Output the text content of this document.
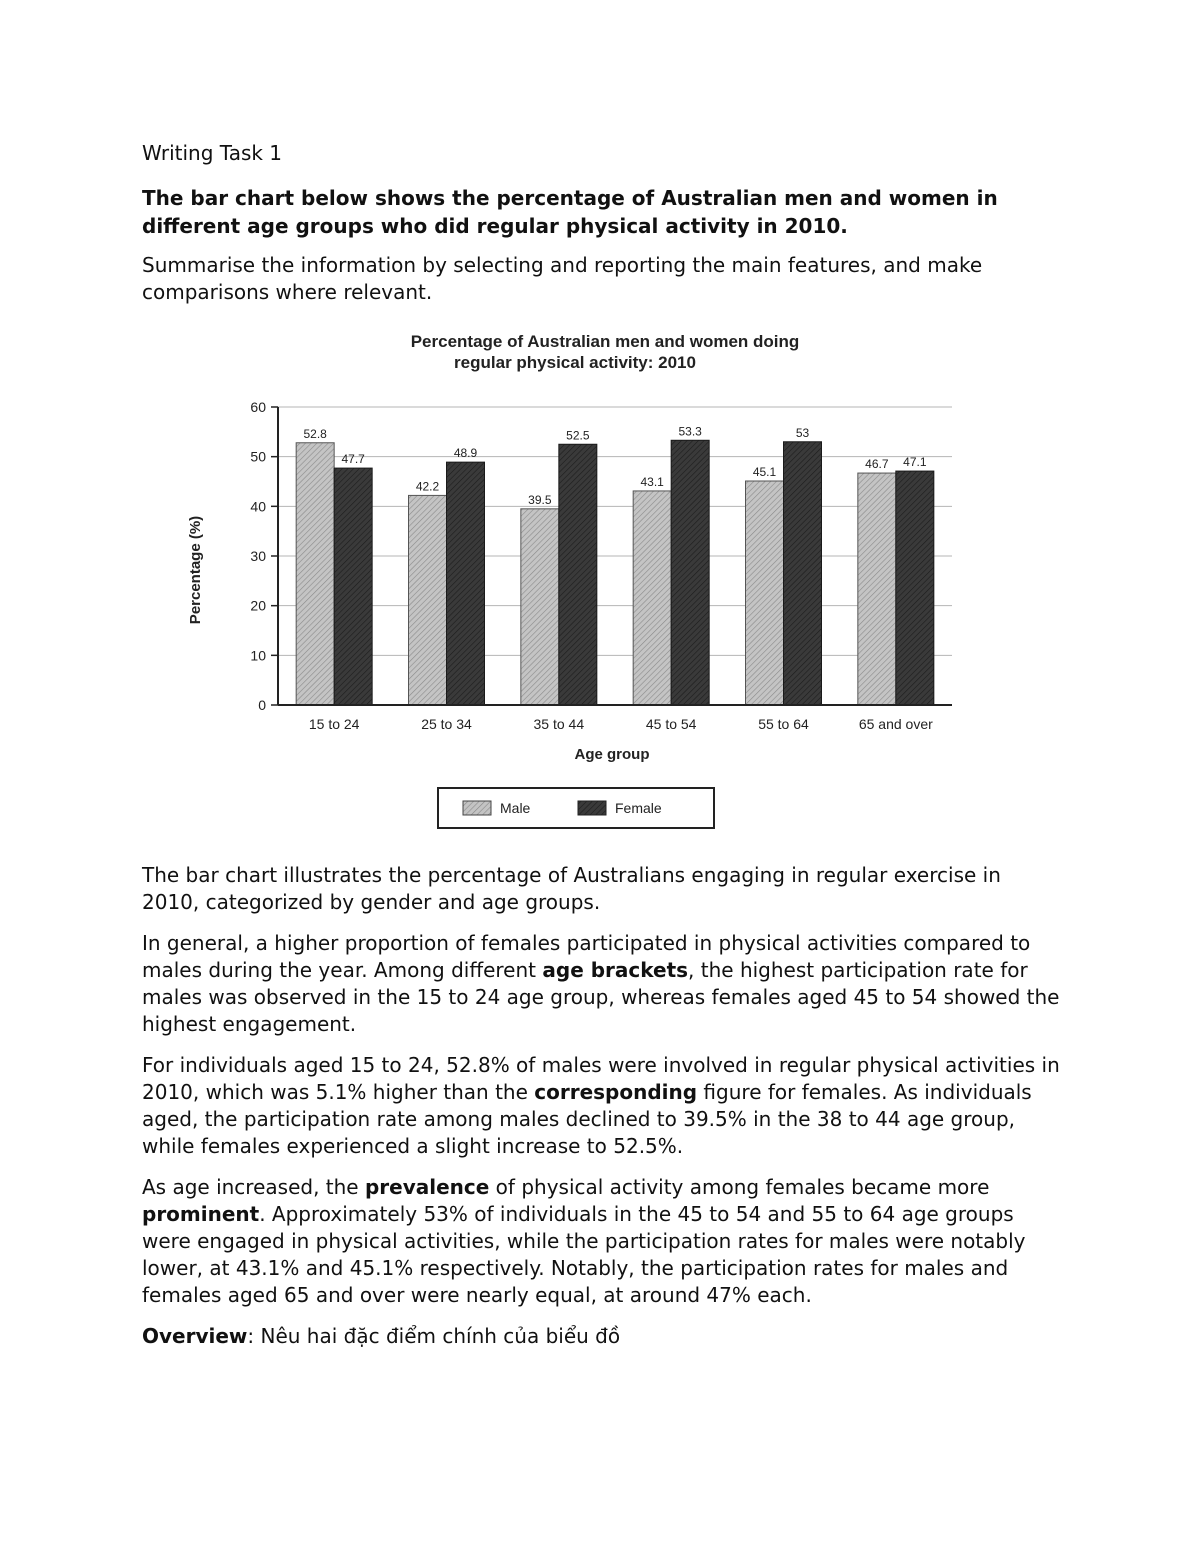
Writing Task 1
The bar chart below shows the percentage of Australian men and women in different age groups who did regular physical activity in 2010.
Summarise the information by selecting and reporting the main features, and make comparisons where relevant.
Percentage of Australian men and women doing
regular physical activity: 2010
52.8
47.7
42.2
48.9
39.5
52.5
43.1
53.3
45.1
53
46.7 47.1
0
10
20
30
40
50
60
15 to 24	25 to 34	35 to 44	45 to 54	55 to 64	65 and over
Percentage (%)
Age group
Male	Female

The bar chart illustrates the percentage of Australians engaging in regular exercise in 2010, categorized by gender and age groups.

In general, a higher proportion of females participated in physical activities compared to males during the year. Among different age brackets, the highest participation rate for males was observed in the 15 to 24 age group, whereas females aged 45 to 54 showed the highest engagement.

For individuals aged 15 to 24, 52.8% of males were involved in regular physical activities in 2010, which was 5.1% higher than the corresponding figure for females. As individuals aged, the participation rate among males declined to 39.5% in the 38 to 44 age group, while females experienced a slight increase to 52.5%.

As age increased, the prevalence of physical activity among females became more prominent. Approximately 53% of individuals in the 45 to 54 and 55 to 64 age groups were engaged in physical activities, while the participation rates for males were notably lower, at 43.1% and 45.1% respectively. Notably, the participation rates for males and females aged 65 and over were nearly equal, at around 47% each.

Overview: Nêu hai đặc điểm chính của biểu đồ
